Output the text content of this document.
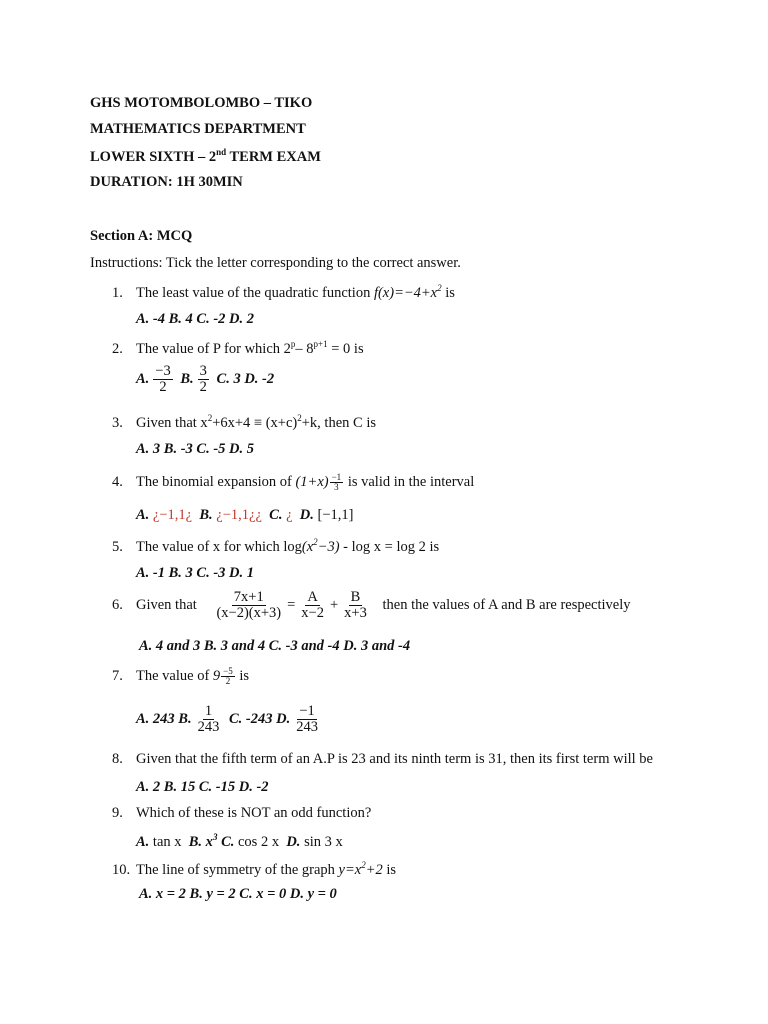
GHS MOTOMBOLOMBO – TIKO
MATHEMATICS DEPARTMENT
LOWER SIXTH – 2nd TERM EXAM
DURATION: 1H 30MIN
Section A: MCQ
Instructions: Tick the letter corresponding to the correct answer.
1. The least value of the quadratic function $f(x)=-4+x^2$ is
A. -4 B. 4 C. -2 D. 2
2. The value of P for which 2$^p$– $8^{p+1} = 0$ is
A. $\frac{-3}{2} B$. $\frac{3}{2} C$. 3 D. -2
3. Given that $x^2+6x+4 \equiv (x+c)^2+k$, then C is
A. 3 B. -3 C. -5 D. 5
4. The binomial expansion of $(1+x) \frac{-1}{3}$ is valid in the interval
A. ¿−1,1¿ B. ¿−1,1¿¿ C. ¿ D. [−1,1]
5. The value of x for which $\log(x^2-3) - \log x = \log 2$ is
A. -1 B. 3 C. -3 D. 1
6. Given that $\frac{7x+1}{(x-2)(x+3)} = \frac{A}{x-2} + \frac{B}{x+3}$ then the values of A and B are respectively
A. 4 and 3 B. 3 and 4 C. -3 and -4 D. 3 and -4
7. The value of $9 \frac{-5}{2}$ is
A. 243 B. $\frac{1}{243} C$. -243 D. $\frac{-1}{243}$
8. Given that the fifth term of an A.P is 23 and its ninth term is 31, then its first term will be
A. 2 B. 15 C. -15 D. -2
9. Which of these is NOT an odd function?
A. tan x B. $x^3$ C. cos 2 x D. sin 3 x
10. The line of symmetry of the graph $y=x^2+2$ is
A. x = 2 B. y = 2 C. x = 0 D. y = 0
